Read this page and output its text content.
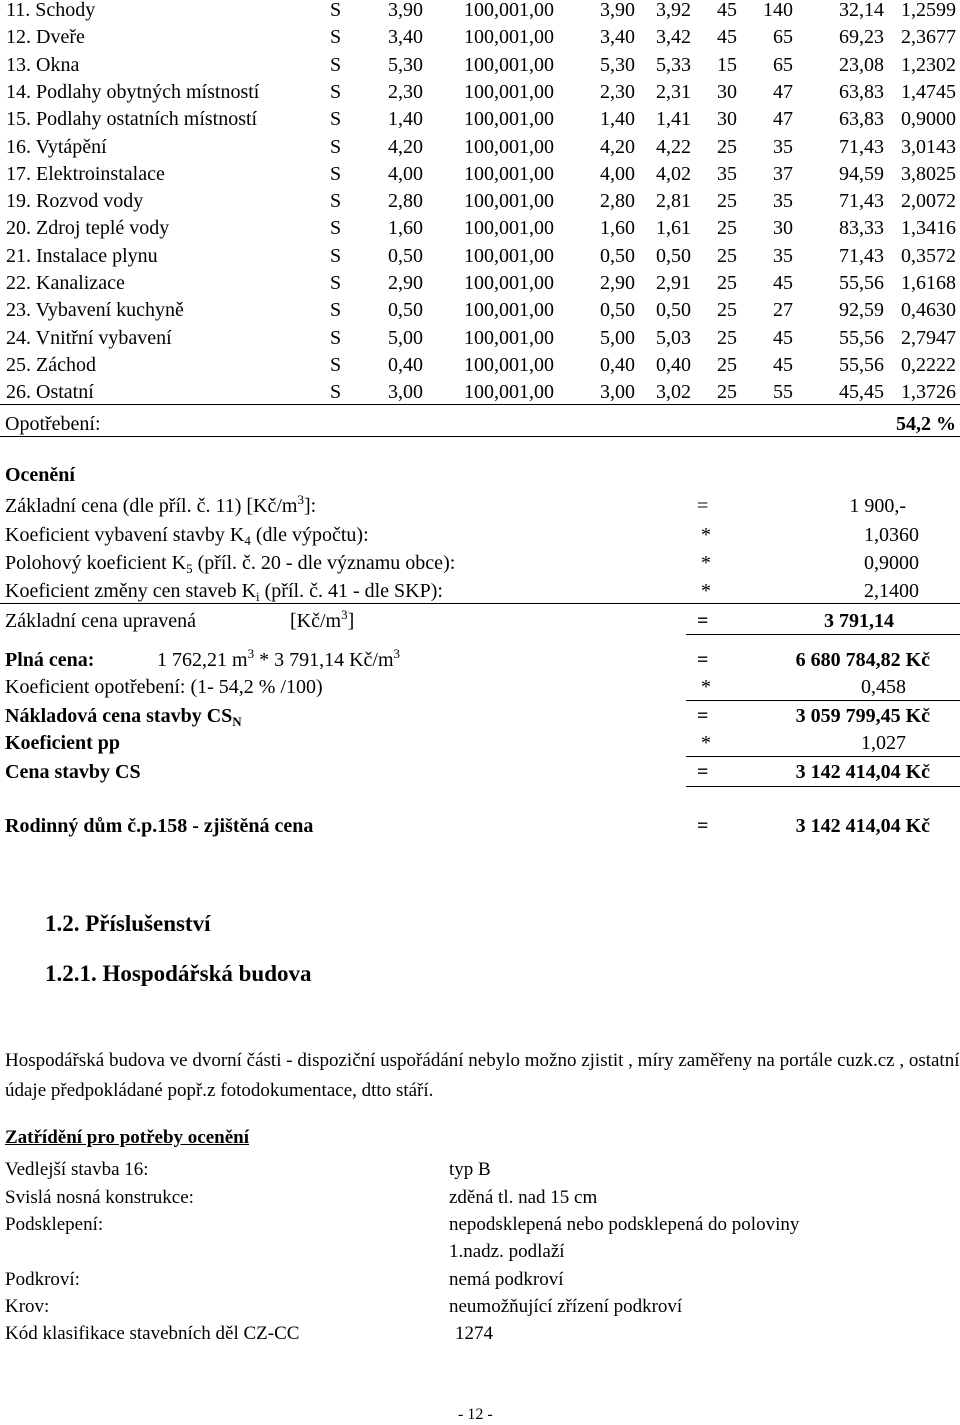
11. Schody	S 3,90 100,00 1,00 3,90 3,92 45 140 32,14 1,2599
12. Dveře	S 3,40 100,00 1,00 3,40 3,42 45 65 69,23 2,3677
13. Okna	S 5,30 100,00 1,00 5,30 5,33 15 65 23,08 1,2302
14. Podlahy obytných místností	S 2,30 100,00 1,00 2,30 2,31 30 47 63,83 1,4745
15. Podlahy ostatních místností	S 1,40 100,00 1,00 1,40 1,41 30 47 63,83 0,9000
16. Vytápění	S 4,20 100,00 1,00 4,20 4,22 25 35 71,43 3,0143
17. Elektroinstalace	S 4,00 100,00 1,00 4,00 4,02 35 37 94,59 3,8025
19. Rozvod vody	S 2,80 100,00 1,00 2,80 2,81 25 35 71,43 2,0072
20. Zdroj teplé vody	S 1,60 100,00 1,00 1,60 1,61 25 30 83,33 1,3416
21. Instalace plynu	S 0,50 100,00 1,00 0,50 0,50 25 35 71,43 0,3572
22. Kanalizace	S 2,90 100,00 1,00 2,90 2,91 25 45 55,56 1,6168
23. Vybavení kuchyně	S 0,50 100,00 1,00 0,50 0,50 25 27 92,59 0,4630
24. Vnitřní vybavení	S 5,00 100,00 1,00 5,00 5,03 25 45 55,56 2,7947
25. Záchod	S 0,40 100,00 1,00 0,40 0,40 25 45 55,56 0,2222
26. Ostatní	S 3,00 100,00 1,00 3,00 3,02 25 55 45,45 1,3726
Opotřebení:	54,2 %
Ocenění
Základní cena (dle příl. č. 11) $[Kč/m^3]$:	=	1 900,-
Koeficient vybavení stavby $K_4$ (dle výpočtu):	*	1,0360
Polohový koeficient $K_5$ (příl. č. 20 - dle významu obce):	*	0,9000
Koeficient změny cen staveb $K_i$ (příl. č. 41 - dle SKP):	*	2,1400
Základní cena upravená	$[Kč/m^3]$	=	3 791,14
Plná cena:	1 762,21 $m^3 * 3$ 791,14 $Kč/m^3$	=	6 680 784,82 Kč
Koeficient opotřebení: (1- 54,2 % /100)	*	0,458
Nákladová cena stavby $CS_N$	=	3 059 799,45 Kč
Koeficient pp	*	1,027
Cena stavby CS	=	3 142 414,04 Kč
Rodinný dům č.p.158 - zjištěná cena	=	3 142 414,04 Kč
1.2. Příslušenství
1.2.1. Hospodářská budova
Hospodářská budova ve dvorní části - dispoziční uspořádání nebylo možno zjistit , míry zaměřeny na portále cuzk.cz , ostatní údaje předpokládané popř.z fotodokumentace, dtto stáří.
Zatřídění pro potřeby ocenění
Vedlejší stavba 16:	typ B
Svislá nosná konstrukce:	zděná tl. nad 15 cm
Podsklepení:	nepodsklepená nebo podsklepená do poloviny
1.nadz. podlaží
Podkroví:	nemá podkroví
Krov:	neumožňující zřízení podkroví
Kód klasifikace stavebních děl CZ-CC	1274
- 12 -
